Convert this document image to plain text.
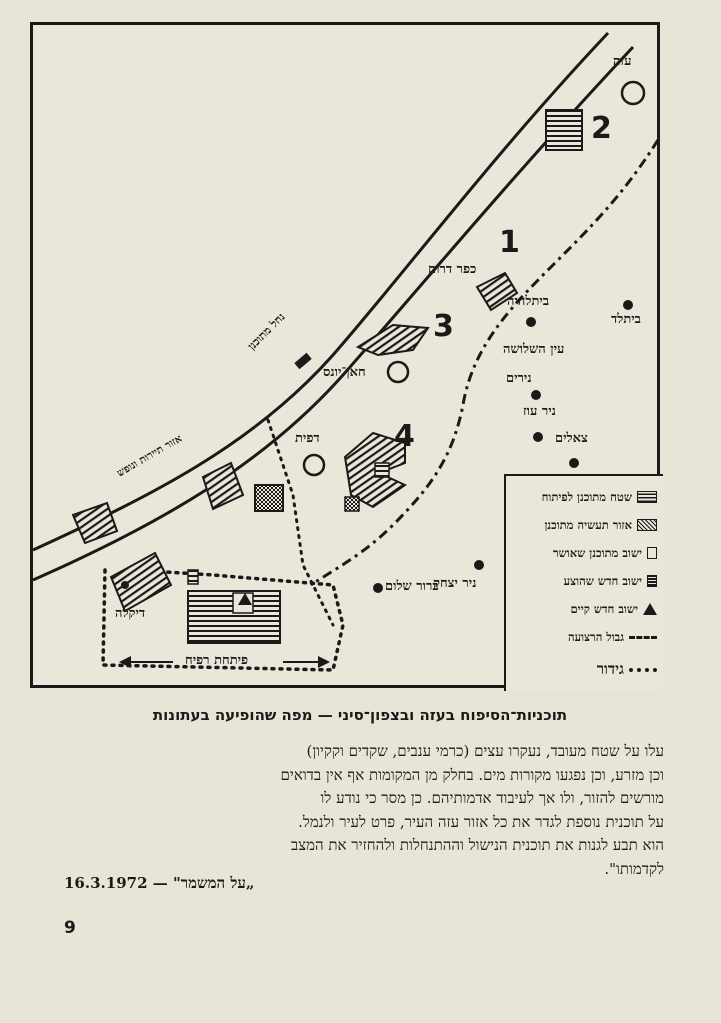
עזה
כפר דרום
ביתלהיה
עין השלושה
נירים
ניר עוז
צאלים
ביתלד
חאן־יונס
דפית
נחל מתוכנן
ניר יצחק
ברור שלום
דיקלה
פיתחת רפיח
אזור תיירות ונופש
1
2
3
4
שטח מתוכנן לפיתוח
אזור תעשיה מתוכנן
ישוב מתוכנן שאושר
ישוב חדש שהוצע
ישוב חדש קיים
גבול הרצועה
גידור
תוכניות־הסיפוח בעזה ובצפון־סיני — מפה שהופיעה בעתונות

עלו על שטח מעובד, נעקרו עצים (כרמי ענבים, שקדים וקקיון)

וכן מזרע, וכן נפגעו מקורות מים. בחלק מן המקומות אף אין בדואים

מורשים להזור, ולו אך לעיבוד אדמותיהם. כן מסר כי נודע לו

על תוכנית נוספת לגדר את כל אזור עזה העיר, פרט לעיר ולנמל.

הוא תבע לגנות את תוכנית הנישול וההתנחלות ולהחזיר את המצב

לקדמותו".

„על המשמר" — 16.3.1972
9
